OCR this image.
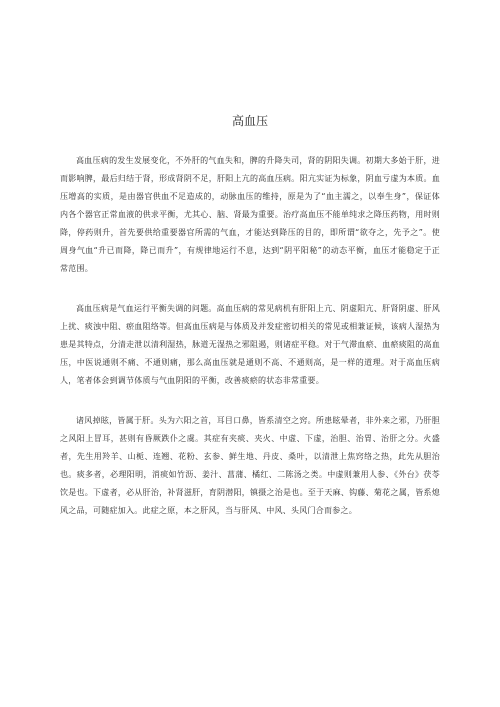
高血压

高血压病的发生发展变化，不外肝的气血失和，脾的升降失司，肾的阴阳失调。初期大多始于肝，进而影响脾，最后归结于肾，形成肾阴不足，肝阳上亢的高血压病。阳亢实证为标象，阴血亏虚为本质。血压增高的实质，是由器官供血不足造成的，动脉血压的维持，原是为了“血主濡之，以奉生身”，保证体内各个器官正常血液的供求平衡，尤其心、脑、肾最为重要。治疗高血压不能单纯求之降压药物，用时则降，停药则升，首先要供给重要器官所需的气血，才能达到降压的目的，即所谓“欲夺之，先予之”。使周身气血“升已而降，降已而升”，有规律地运行不息，达到“阴平阳秘”的动态平衡，血压才能稳定于正常范围。

高血压病是气血运行平衡失调的问题。高血压病的常见病机有肝阳上亢、阴虚阳亢、肝肾阴虚、肝风上扰、痰浊中阻、瘀血阻络等。但高血压病是与体质及并发症密切相关的常见或相兼证候，该病人湿热为患是其特点，分清走泄以清利湿热，脉道无湿热之邪阻遏，则诸症平稳。对于气滞血瘀、血瘀痰阻的高血压，中医说通则不痛、不通则痛，那么高血压就是通则不高、不通则高，是一样的道理。对于高血压病人，笔者体会到调节体质与气血阴阳的平衡，改善痰瘀的状态非常重要。

诸风掉眩，皆属于肝。头为六阳之首，耳目口鼻，皆系清空之窍。所患眩晕者，非外来之邪，乃肝胆之风阳上冒耳，甚则有昏厥跌仆之虞。其症有夹痰、夹火、中虚、下虚，治胆、治胃、治肝之分。火盛者，先生用羚羊、山栀、连翘、花粉、玄参、鲜生地、丹皮、桑叶，以清泄上焦窍络之热，此先从胆治也。痰多者，必理阳明，消痰如竹沥、姜汁、菖蒲、橘红、二陈汤之类。中虚则兼用人参、《外台》茯苓饮是也。下虚者，必从肝治，补肾滋肝，育阴潜阳，镇摄之治是也。至于天麻、钩藤、菊花之属，皆系熄风之品，可随症加入。此症之原，本之肝风，当与肝风、中风、头风门合而参之。
